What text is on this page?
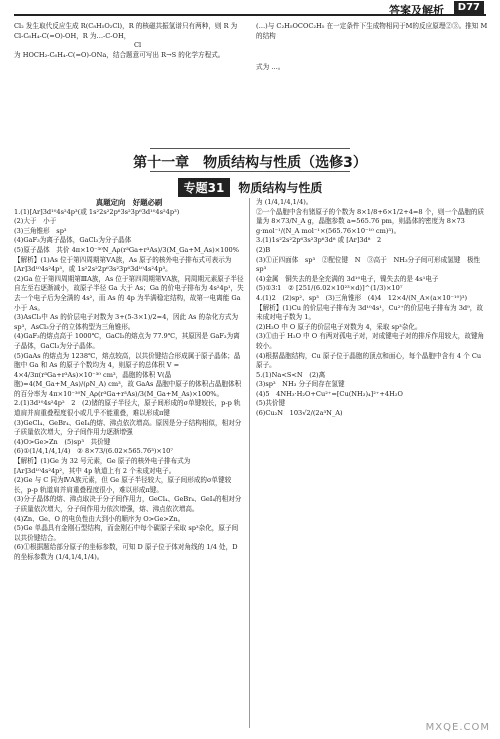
答案及解析	D77

Cl₂ 发生取代反应生成 R(C₈H₅O₂Cl)，R 的核磁共振氢谱只有两种，则 R 为 Cl-C₆H₄-C(=O)-OH，R 为…-C-OH，

Cl

为 HOCH₂-C₆H₄-C(=O)-ONa，结合题意可写出 R→S 的化学方程式。

(…)与 C₂H₅OCOC₂H₅ 在一定条件下生成物相同于M的反应原理②③。推知 M 的结构

式为 …。

第十一章　物质结构与性质（选修3）
专题31 物质结构与性质

真题定向　好题必刷

1.(1)[Ar]3d¹⁰4s²4p³(或 1s²2s²2p⁶3s²3p⁶3d¹⁰4s²4p³)

(2)大于　小于

(3)三角锥形　sp³

(4)GaF₃为离子晶体，GaCl₃为分子晶体

(5)原子晶体　共价 4π×10⁻³⁰N_Aρ(r³Ga+r³As)/3(M_Ga+M_As)×100%

【解析】(1)As 位于第四周期第ⅤA族，As 原子的核外电子排布式可表示为 [Ar]3d¹⁰4s²4p³，或 1s²2s²2p⁶3s²3p⁶3d¹⁰4s²4p³。

(2)Ga 位于第四周期第ⅢA族，As 位于第四周期第ⅤA族，同周期元素原子半径自左至右逐渐减小，故原子半径 Ga 大于 As；Ga 的价电子排布为 4s²4p¹，失去一个电子后为全满的 4s²，而 As 的 4p 为半满稳定结构，故第一电离能 Ga 小于 As。

(3)AsCl₃中 As 的价层电子对数为 3+(5-3×1)/2=4，因此 As 的杂化方式为 sp³，AsCl₃分子的立体构型为三角锥形。

(4)GaF₃的熔点高于 1000℃，GaCl₃的熔点为 77.9℃，其原因是 GaF₃为离子晶体，GaCl₃为分子晶体。

(5)GaAs 的熔点为 1238℃，熔点较高，以共价键结合形成属于原子晶体；晶胞中 Ga 和 As 的原子个数均为 4，则原子的总体积 V = 4×4/3π(r³Ga+r³As)×10⁻³⁰ cm³，晶胞的体积 V(晶胞)=4(M_Ga+M_As)/(ρN_A) cm³，故 GaAs 晶胞中原子的体积占晶胞体积的百分率为 4π×10⁻³⁰N_Aρ(r³Ga+r³As)/3(M_Ga+M_As)×100%。

2.(1)3d¹⁰4s²4p²　2　(2)锗的原子半径大，原子间形成的σ单键较长，p-p 轨道肩并肩重叠程度很小或几乎不能重叠，难以形成π键

(3)GeCl₄、GeBr₄、GeI₄的熔、沸点依次增高。原因是分子结构相似，相对分子质量依次增大，分子间作用力逐渐增强

(4)O>Ge>Zn　(5)sp³　共价键

(6)①(1/4,1/4,1/4)　② 8×73/(6.02×565.76³)×10⁷

【解析】(1)Ge 为 32 号元素，Ge 原子的核外电子排布式为 [Ar]3d¹⁰4s²4p²，其中 4p 轨道上有 2 个未成对电子。

(2)Ge 与 C 同为ⅣA族元素，但 Ge 原子半径较大，原子间形成的σ单键较长，p-p 轨道肩并肩重叠程度很小，难以形成π键。

(3)分子晶体的熔、沸点取决于分子间作用力，GeCl₄、GeBr₄、GeI₄的相对分子质量依次增大，分子间作用力依次增强，熔、沸点依次增高。

(4)Zn、Ge、O 的电负性由大到小的顺序为 O>Ge>Zn。

(5)Ge 单晶具有金刚石型结构，而金刚石中每个碳原子采取 sp³杂化，原子间以共价键结合。

(6)①根据题给部分原子的坐标参数，可知 D 原子位于体对角线的 1/4 处，D 的坐标参数为 (1/4,1/4,1/4)。

为 (1/4,1/4,1/4)。

②一个晶胞中含有锗原子的个数为 8×1/8+6×1/2+4=8 个，则一个晶胞的质量为 8×73/N_A g，晶胞参数 a=565.76 pm，则晶体的密度为 8×73 g·mol⁻¹/(N_A mol⁻¹×(565.76×10⁻¹⁰ cm)³)。

3.(1)1s²2s²2p⁶3s²3p⁶3d⁸ 或 [Ar]3d⁸　2

(2)B

(3)①正四面体　sp³　②配位键　N　③高于　NH₃分子间可形成氢键　极性　sp³

(4)金属　铜失去的是全充满的 3d¹⁰电子，镍失去的是 4s¹电子

(5)①3∶1　② [251/(6.02×10²³×d)]^(1/3)×10⁷

4.(1)2　(2)sp²、sp³　(3)三角锥形　(4)4　12×4/(N_A×(a×10⁻¹⁰)³)

【解析】(1)Cu 的价层电子排布为 3d¹⁰4s¹，Cu²⁺的价层电子排布为 3d⁹，故未成对电子数为 1。

(2)H₂O 中 O 原子的价层电子对数为 4，采取 sp³杂化。

(3)①由于 H₂O 中 O 有两对孤电子对，对成键电子对的排斥作用较大，故键角较小。

(4)根据晶胞结构，Cu 原子位于晶胞的顶点和面心，每个晶胞中含有 4 个 Cu 原子。

5.(1)Na<S<N　(2)离

(3)sp³　NH₃ 分子间存在氢键

(4)5　4NH₃·H₂O+Cu²⁺=[Cu(NH₃)₄]²⁺+4H₂O

(5)共价键

(6)Cu₂N　103√2/(2a³N_A)

MXQE.COM
